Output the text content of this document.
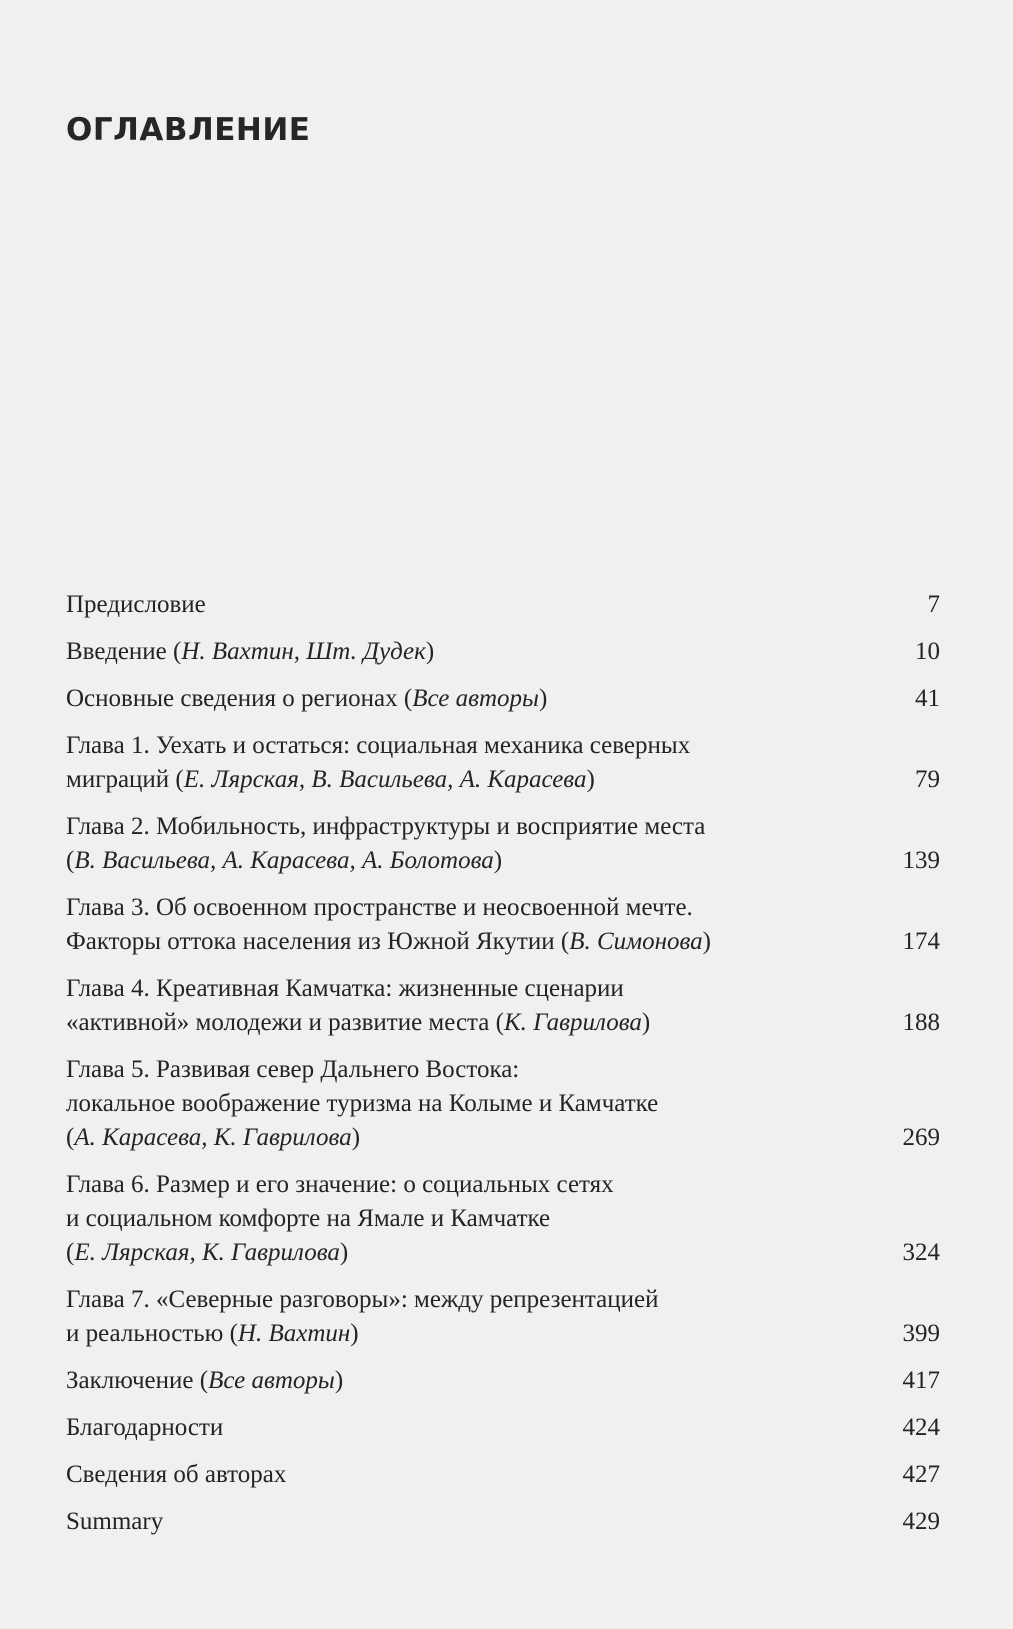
ОГЛАВЛЕНИЕ
Предисловие	7
Введение (Н. Вахтин, Шт. Дудек)	10
Основные сведения о регионах (Все авторы)	41
Глава 1. Уехать и остаться: социальная механика северных
миграций (Е. Лярская, В. Васильева, А. Карасева)	79
Глава 2. Мобильность, инфраструктуры и восприятие места
(В. Васильева, А. Карасева, А. Болотова)	139
Глава 3. Об освоенном пространстве и неосвоенной мечте.
Факторы оттока населения из Южной Якутии (В. Симонова)	174
Глава 4. Креативная Камчатка: жизненные сценарии
«активной» молодежи и развитие места (К. Гаврилова)	188
Глава 5. Развивая север Дальнего Востока:
локальное воображение туризма на Колыме и Камчатке
(А. Карасева, К. Гаврилова)	269
Глава 6. Размер и его значение: о социальных сетях
и социальном комфорте на Ямале и Камчатке
(Е. Лярская, К. Гаврилова)	324
Глава 7. «Северные разговоры»: между репрезентацией
и реальностью (Н. Вахтин)	399
Заключение (Все авторы)	417
Благодарности	424
Сведения об авторах	427
Summary	429
